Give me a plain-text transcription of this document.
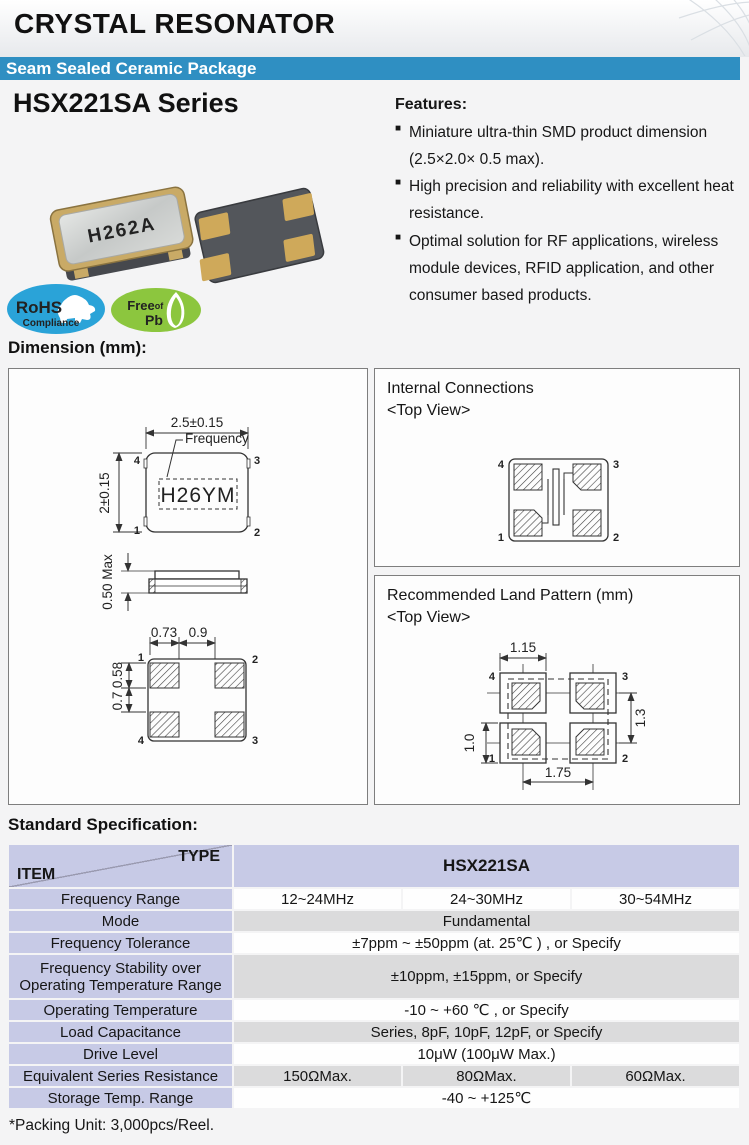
CRYSTAL RESONATOR
Seam Sealed Ceramic Package
HSX221SA Series
H262A
RoHS
Compliance
Free of
Pb
Features:
■ Miniature ultra-thin SMD product dimension (2.5×2.0× 0.5 max).
■ High precision and reliability with excellent heat resistance.
■ Optimal solution for RF applications, wireless module devices, RFID application, and other consumer based products.
Dimension (mm):
2.5±0.15
Frequency
2±0.15 H26YM
4	3
1	2
0.50 Max
0.73 0.9
0.58
0.7
1	2
4	3
Internal Connections
<Top View>
4	3
1	2
Recommended Land Pattern (mm)
<Top View>
1.15
1.0
1.3
1.75
4	3
1	2
Standard Specification:
TYPE
ITEM	HSX221SA		
Frequency Range	12~24MHz	24~30MHz	30~54MHz
Mode	Fundamental		
Frequency Tolerance	±7ppm ~ ±50ppm (at. 25℃ ) , or Specify		
Frequency Stability over Operating Temperature Range	±10ppm, ±15ppm, or Specify		
Operating Temperature	-10 ~ +60 ℃ , or Specify		
Load Capacitance	Series, 8pF, 10pF, 12pF, or Specify		
Drive Level	10μW (100μW Max.)		
Equivalent Series Resistance	150ΩMax.	80ΩMax.	60ΩMax.
Storage Temp. Range	-40 ~ +125℃		
*Packing Unit: 3,000pcs/Reel.
